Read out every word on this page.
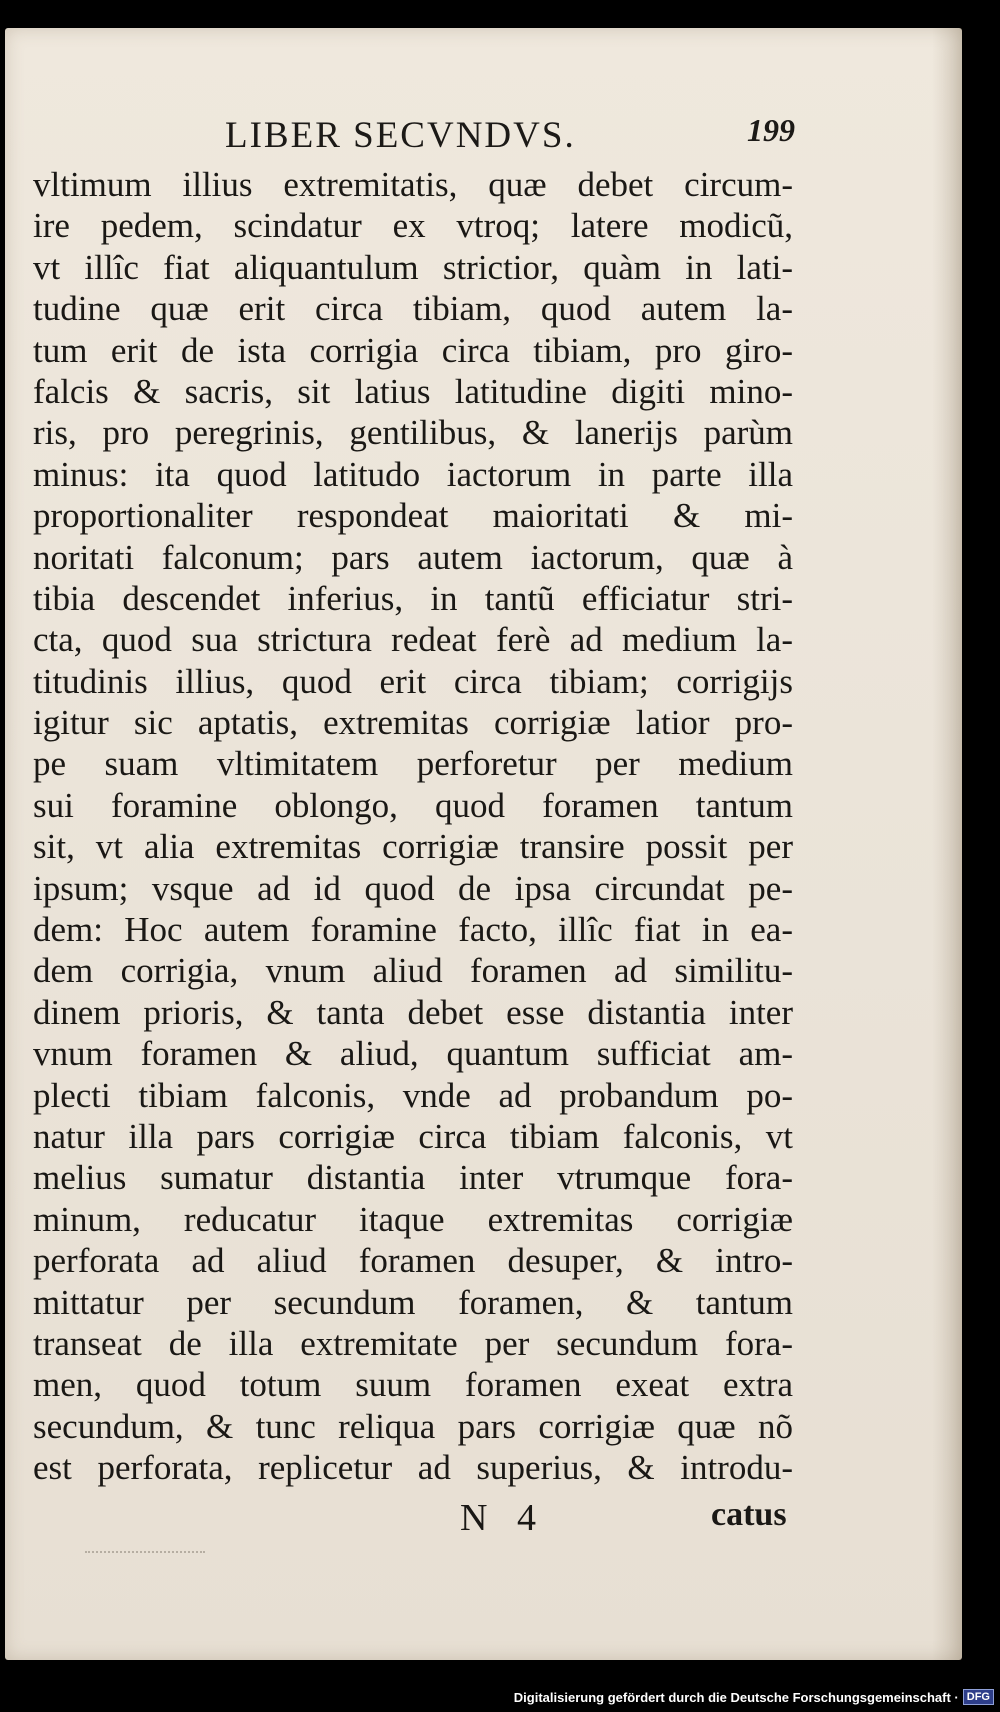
LIBER SECVNDVS.	199
vltimum illius extremitatis, quæ debet circum-
ire pedem, scindatur ex vtroq; latere modicũ,
vt illîc fiat aliquantulum strictior, quàm in lati-
tudine quæ erit circa tibiam, quod autem la-
tum erit de ista corrigia circa tibiam, pro giro-
falcis & sacris, sit latius latitudine digiti mino-
ris, pro peregrinis, gentilibus, & lanerijs parùm
minus: ita quod latitudo iactorum in parte illa
proportionaliter respondeat maioritati & mi-
noritati falconum; pars autem iactorum, quæ à
tibia descendet inferius, in tantũ efficiatur stri-
cta, quod sua strictura redeat ferè ad medium la-
titudinis illius, quod erit circa tibiam; corrigijs
igitur sic aptatis, extremitas corrigiæ latior pro-
pe suam vltimitatem perforetur per medium
sui foramine oblongo, quod foramen tantum
sit, vt alia extremitas corrigiæ transire possit per
ipsum; vsque ad id quod de ipsa circundat pe-
dem: Hoc autem foramine facto, illîc fiat in ea-
dem corrigia, vnum aliud foramen ad similitu-
dinem prioris, & tanta debet esse distantia inter
vnum foramen & aliud, quantum sufficiat am-
plecti tibiam falconis, vnde ad probandum po-
natur illa pars corrigiæ circa tibiam falconis, vt
melius sumatur distantia inter vtrumque fora-
minum, reducatur itaque extremitas corrigiæ
perforata ad aliud foramen desuper, & intro-
mittatur per secundum foramen, & tantum
transeat de illa extremitate per secundum fora-
men, quod totum suum foramen exeat extra
secundum, & tunc reliqua pars corrigiæ quæ nõ
est perforata, replicetur ad superius, & introdu-
N 4	catus
Digitalisierung gefördert durch die Deutsche Forschungsgemeinschaft · DFG
